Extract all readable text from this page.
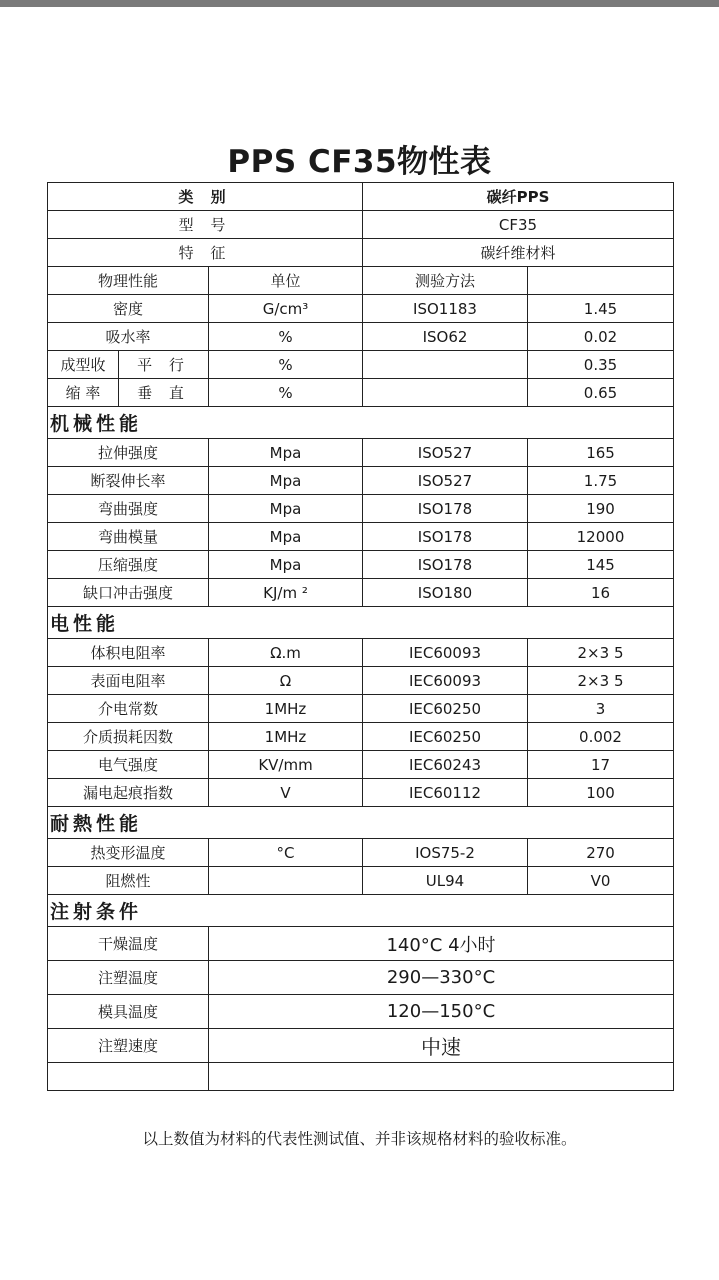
PPS CF35物性表
类 别			碳纤PPS	
型 号			CF35	
特 征			碳纤维材料	
物理性能		单位	测验方法	
密度		G/cm³	ISO1183	1.45
吸水率		%	ISO62	0.02
成型收	平 行	%		0.35
缩 率	垂 直	%		0.65
机械性能				
拉伸强度		Mpa	ISO527	165
断裂伸长率		Mpa	ISO527	1.75
弯曲强度		Mpa	ISO178	190
弯曲模量		Mpa	ISO178	12000
压缩强度		Mpa	ISO178	145
缺口冲击强度		KJ/m ²	ISO180	16
电性能				
体积电阻率		Ω.m	IEC60093	2×3 5
表面电阻率		Ω	IEC60093	2×3 5
介电常数		1MHz	IEC60250	3
介质损耗因数		1MHz	IEC60250	0.002
电气强度		KV/mm	IEC60243	17
漏电起痕指数		V	IEC60112	100
耐熱性能				
热变形温度		°C	IOS75-2	270
阻燃性			UL94	V0
注射条件				
干燥温度		140°C 4小时		
注塑温度		290—330°C		
模具温度		120—150°C		
注塑速度		中速		

以上数值为材料的代表性测试值、并非该规格材料的验收标准。
